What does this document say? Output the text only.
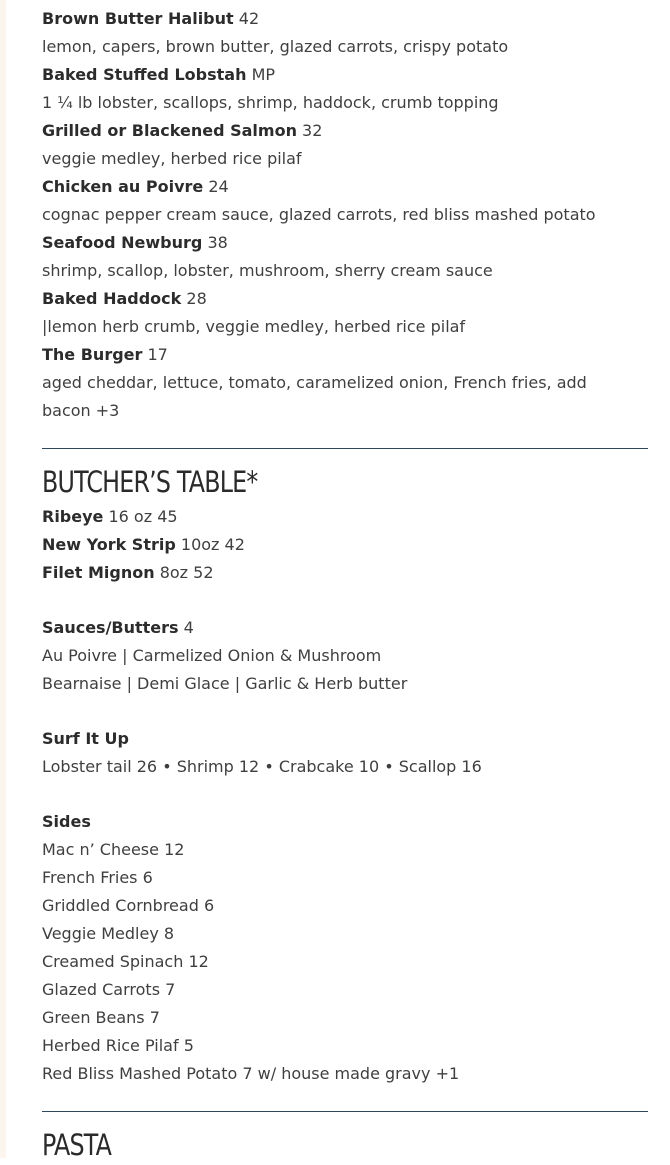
Brown Butter Halibut 42
lemon, capers, brown butter, glazed carrots, crispy potato
Baked Stuffed Lobstah MP
1 ¼ lb lobster, scallops, shrimp, haddock, crumb topping
Grilled or Blackened Salmon 32
veggie medley, herbed rice pilaf
Chicken au Poivre 24
cognac pepper cream sauce, glazed carrots, red bliss mashed potato
Seafood Newburg 38
shrimp, scallop, lobster, mushroom, sherry cream sauce
Baked Haddock 28
|lemon herb crumb, veggie medley, herbed rice pilaf
The Burger 17
aged cheddar, lettuce, tomato, caramelized onion, French fries, add bacon +3
BUTCHER’S TABLE*
Ribeye 16 oz 45
New York Strip 10oz 42
Filet Mignon 8oz 52
Sauces/Butters 4
Au Poivre | Carmelized Onion & Mushroom
Bearnaise | Demi Glace | Garlic & Herb butter
Surf It Up
Lobster tail 26 • Shrimp 12 • Crabcake 10 • Scallop 16
Sides
Mac n’ Cheese 12
French Fries 6
Griddled Cornbread 6
Veggie Medley 8
Creamed Spinach 12
Glazed Carrots 7
Green Beans 7
Herbed Rice Pilaf 5
Red Bliss Mashed Potato 7 w/ house made gravy +1
PASTA
